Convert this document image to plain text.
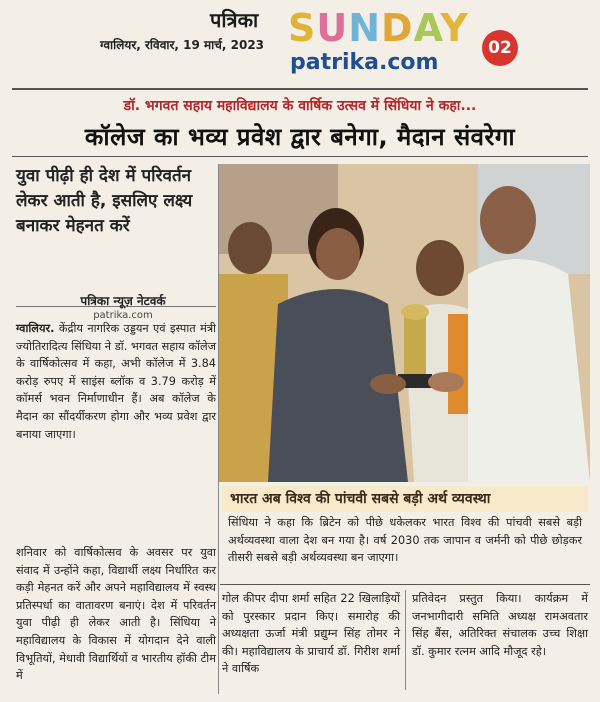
पत्रिका
ग्वालियर, रविवार, 19 मार्च, 2023 SUNDAY
patrika.com
02
डॉ. भगवत सहाय महाविद्यालय के वार्षिक उत्सव में सिंधिया ने कहा...
कॉलेज का भव्य प्रवेश द्वार बनेगा, मैदान संवरेगा
युवा पीढ़ी ही देश में परिवर्तन लेकर आती है, इसलिए लक्ष्य बनाकर मेहनत करें
पत्रिका न्यूज़ नेटवर्क
patrika.com
ग्वालियर. केंद्रीय नागरिक उड्डयन एवं इस्पात मंत्री ज्योतिरादित्य सिंधिया ने डॉ. भगवत सहाय कॉलेज के वार्षिकोत्सव में कहा, अभी कॉलेज में 3.84 करोड़ रुपए में साइंस ब्लॉक व 3.79 करोड़ में कॉमर्स भवन निर्माणाधीन हैं। अब कॉलेज के मैदान का सौंदर्यीकरण होगा और भव्य प्रवेश द्वार बनाया जाएगा।
शनिवार को वार्षिकोत्सव के अवसर पर युवा संवाद में उन्होंने कहा, विद्यार्थी लक्ष्य निर्धारित कर कड़ी मेहनत करें और अपने महाविद्यालय में स्वस्थ प्रतिस्पर्धा का वातावरण बनाएं। देश में परिवर्तन युवा पीढ़ी ही लेकर आती है। सिंधिया ने महाविद्यालय के विकास में योगदान देने वाली विभूतियों, मेधावी विद्यार्थियों व भारतीय हॉकी टीम में
भारत अब विश्व की पांचवी सबसे बड़ी अर्थ व्यवस्था
सिंधिया ने कहा कि ब्रिटेन को पीछे धकेलकर भारत विश्व की पांचवी सबसे बड़ी अर्थव्यवस्था वाला देश बन गया है। वर्ष 2030 तक जापान व जर्मनी को पीछे छोड़कर तीसरी सबसे बड़ी अर्थव्यवस्था बन जाएगा।
गोल कीपर दीपा शर्मा सहित 22 खिलाड़ियों को पुरस्कार प्रदान किए। समारोह की अध्यक्षता ऊर्जा मंत्री प्रद्युम्न सिंह तोमर ने की। महाविद्यालय के प्राचार्य डॉ. गिरीश शर्मा ने वार्षिक
प्रतिवेदन प्रस्तुत किया। कार्यक्रम में जनभागीदारी समिति अध्यक्ष रामअवतार सिंह बैंस, अतिरिक्त संचालक उच्च शिक्षा डॉ. कुमार रत्नम आदि मौजूद रहे।
